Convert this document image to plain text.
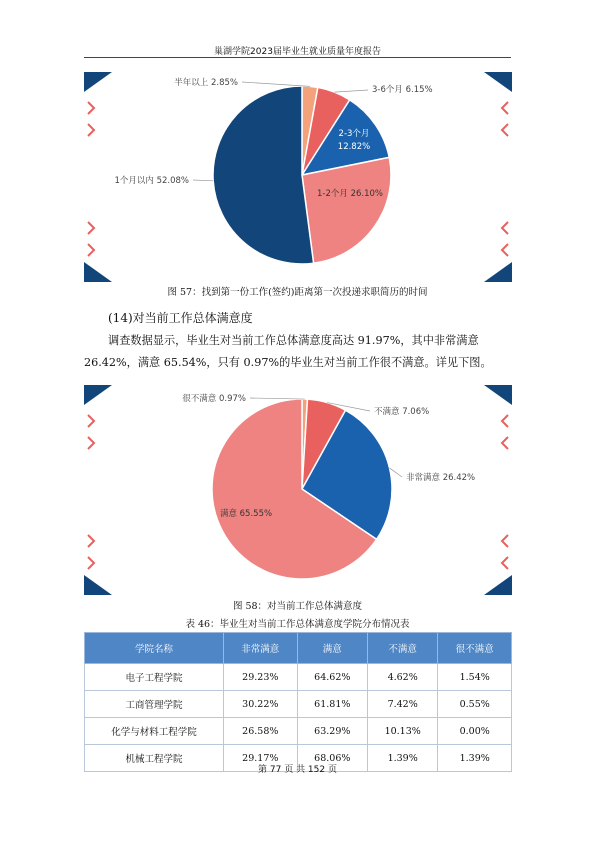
巢湖学院2023届毕业生就业质量年度报告
半年以上 2.85%
3-6个月 6.15%
2-3个月
12.82%
1-2个月 26.10%
1个月以内 52.08%
图 57：找到第一份工作(签约)距离第一次投递求职简历的时间
(14)对当前工作总体满意度
调查数据显示，毕业生对当前工作总体满意度高达 91.97%，其中非常满意
26.42%，满意 65.54%，只有 0.97%的毕业生对当前工作很不满意。详见下图。
很不满意 0.97%
不满意 7.06%
非常满意 26.42%
满意 65.55%
图 58：对当前工作总体满意度
表 46：毕业生对当前工作总体满意度学院分布情况表
学院名称	非常满意	满意	不满意	很不满意
电子工程学院	29.23%	64.62%	4.62%	1.54%
工商管理学院	30.22%	61.81%	7.42%	0.55%
化学与材料工程学院	26.58%	63.29%	10.13%	0.00%
机械工程学院	29.17%	68.06%	1.39%	1.39%
第 77 页 共 152 页
